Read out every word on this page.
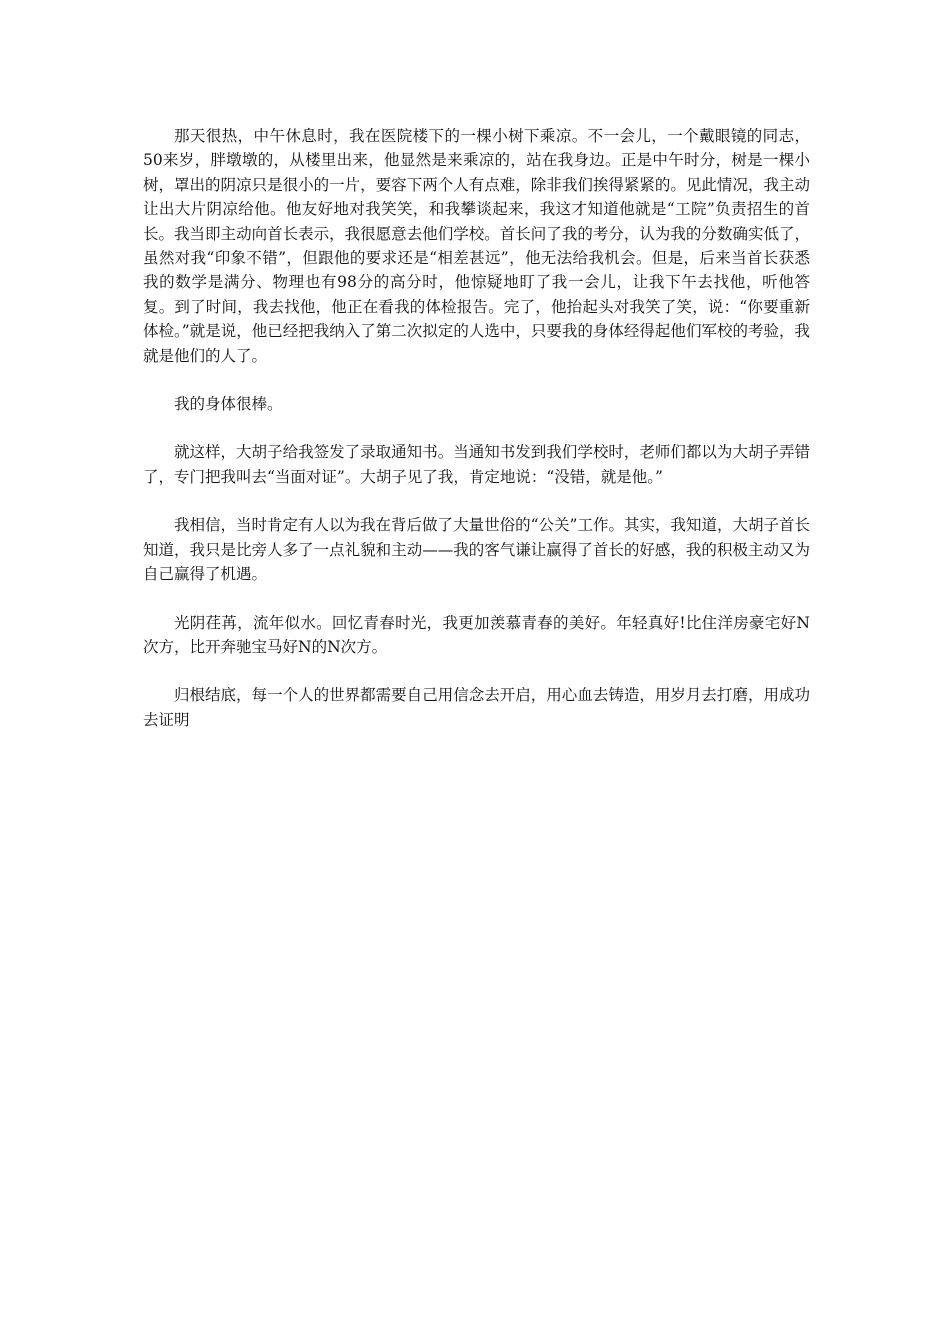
那天很热，中午休息时，我在医院楼下的一棵小树下乘凉。不一会儿，一个戴眼镜的同志，50来岁，胖墩墩的，从楼里出来，他显然是来乘凉的，站在我身边。正是中午时分，树是一棵小树，罩出的阴凉只是很小的一片，要容下两个人有点难，除非我们挨得紧紧的。见此情况，我主动让出大片阴凉给他。他友好地对我笑笑，和我攀谈起来，我这才知道他就是“工院”负责招生的首长。我当即主动向首长表示，我很愿意去他们学校。首长问了我的考分，认为我的分数确实低了，虽然对我“印象不错”，但跟他的要求还是“相差甚远”，他无法给我机会。但是，后来当首长获悉我的数学是满分、物理也有98分的高分时，他惊疑地盯了我一会儿，让我下午去找他，听他答复。到了时间，我去找他，他正在看我的体检报告。完了，他抬起头对我笑了笑，说：“你要重新体检。”就是说，他已经把我纳入了第二次拟定的人选中，只要我的身体经得起他们军校的考验，我就是他们的人了。

我的身体很棒。

就这样，大胡子给我签发了录取通知书。当通知书发到我们学校时，老师们都以为大胡子弄错了，专门把我叫去“当面对证”。大胡子见了我，肯定地说：“没错，就是他。”

我相信，当时肯定有人以为我在背后做了大量世俗的“公关”工作。其实，我知道，大胡子首长知道，我只是比旁人多了一点礼貌和主动——我的客气谦让赢得了首长的好感，我的积极主动又为自己赢得了机遇。

光阴荏苒，流年似水。回忆青春时光，我更加羡慕青春的美好。年轻真好!比住洋房豪宅好N次方，比开奔驰宝马好N的N次方。

归根结底，每一个人的世界都需要自己用信念去开启，用心血去铸造，用岁月去打磨，用成功去证明
